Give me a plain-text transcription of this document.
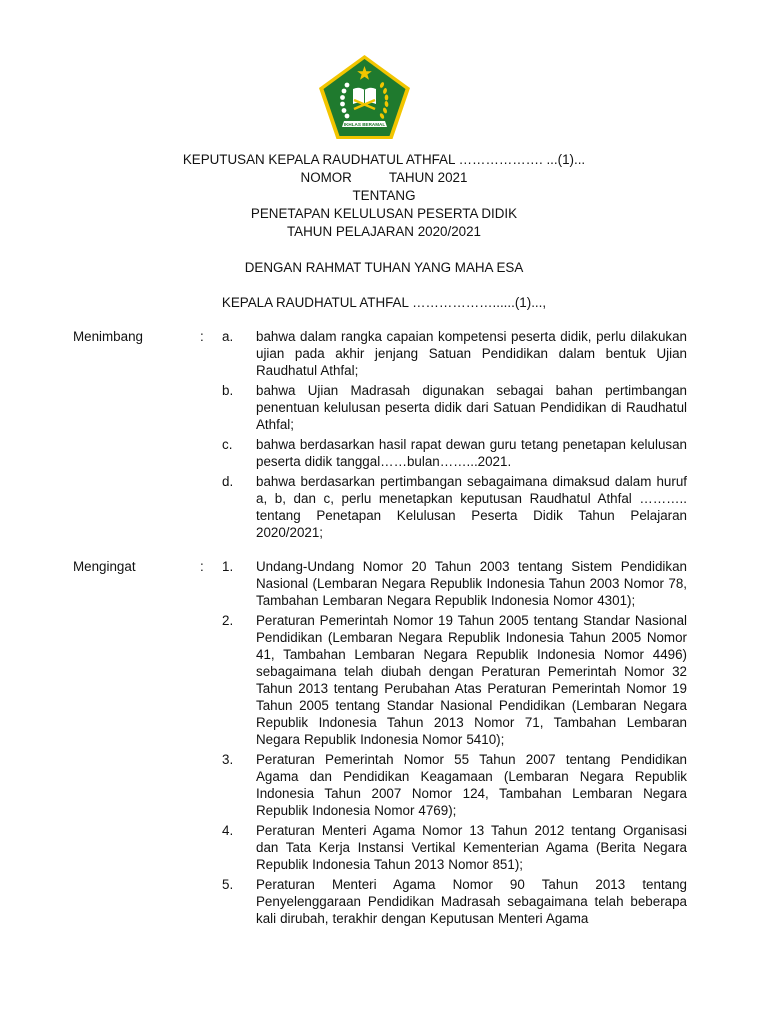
IKHLAS BERAMAL
KEPUTUSAN KEPALA RAUDHATUL ATHFAL ………………. ...(1)...
NOMOR          TAHUN 2021
TENTANG
PENETAPAN KELULUSAN PESERTA DIDIK
TAHUN PELAJARAN 2020/2021
DENGAN RAHMAT TUHAN YANG MAHA ESA
KEPALA RAUDHATUL ATHFAL ………………......(1)...,
Menimbang	: a.	bahwa dalam rangka capaian kompetensi peserta didik, perlu dilakukan ujian pada akhir jenjang Satuan Pendidikan dalam bentuk Ujian Raudhatul Athfal;
b.	bahwa Ujian Madrasah digunakan sebagai bahan pertimbangan penentuan kelulusan peserta didik dari Satuan Pendidikan di Raudhatul Athfal;
c.	bahwa berdasarkan hasil rapat dewan guru tetang penetapan kelulusan peserta didik tanggal……bulan……...2021.
d.	bahwa berdasarkan pertimbangan sebagaimana dimaksud dalam huruf a, b, dan c, perlu menetapkan keputusan Raudhatul Athfal ……….. tentang Penetapan Kelulusan Peserta Didik Tahun Pelajaran 2020/2021;
Mengingat	: 1.	Undang-Undang Nomor 20 Tahun 2003 tentang Sistem Pendidikan Nasional (Lembaran Negara Republik Indonesia Tahun 2003 Nomor 78, Tambahan Lembaran Negara Republik Indonesia Nomor 4301);
2.	Peraturan Pemerintah Nomor 19 Tahun 2005 tentang Standar Nasional Pendidikan (Lembaran Negara Republik Indonesia Tahun 2005 Nomor 41, Tambahan Lembaran Negara Republik Indonesia Nomor 4496) sebagaimana telah diubah dengan Peraturan Pemerintah Nomor 32 Tahun 2013 tentang Perubahan Atas Peraturan Pemerintah Nomor 19 Tahun 2005 tentang Standar Nasional Pendidikan (Lembaran Negara Republik Indonesia Tahun 2013 Nomor 71, Tambahan Lembaran Negara Republik Indonesia Nomor 5410);
3.	Peraturan Pemerintah Nomor 55 Tahun 2007 tentang Pendidikan Agama dan Pendidikan Keagamaan (Lembaran Negara Republik Indonesia Tahun 2007 Nomor 124, Tambahan Lembaran Negara Republik Indonesia Nomor 4769);
4.	Peraturan Menteri Agama Nomor 13 Tahun 2012 tentang Organisasi dan Tata Kerja Instansi Vertikal Kementerian Agama (Berita Negara Republik Indonesia Tahun 2013 Nomor 851);
5.	Peraturan Menteri Agama Nomor 90 Tahun 2013 tentang Penyelenggaraan Pendidikan Madrasah sebagaimana telah beberapa kali dirubah, terakhir dengan Keputusan Menteri Agama
